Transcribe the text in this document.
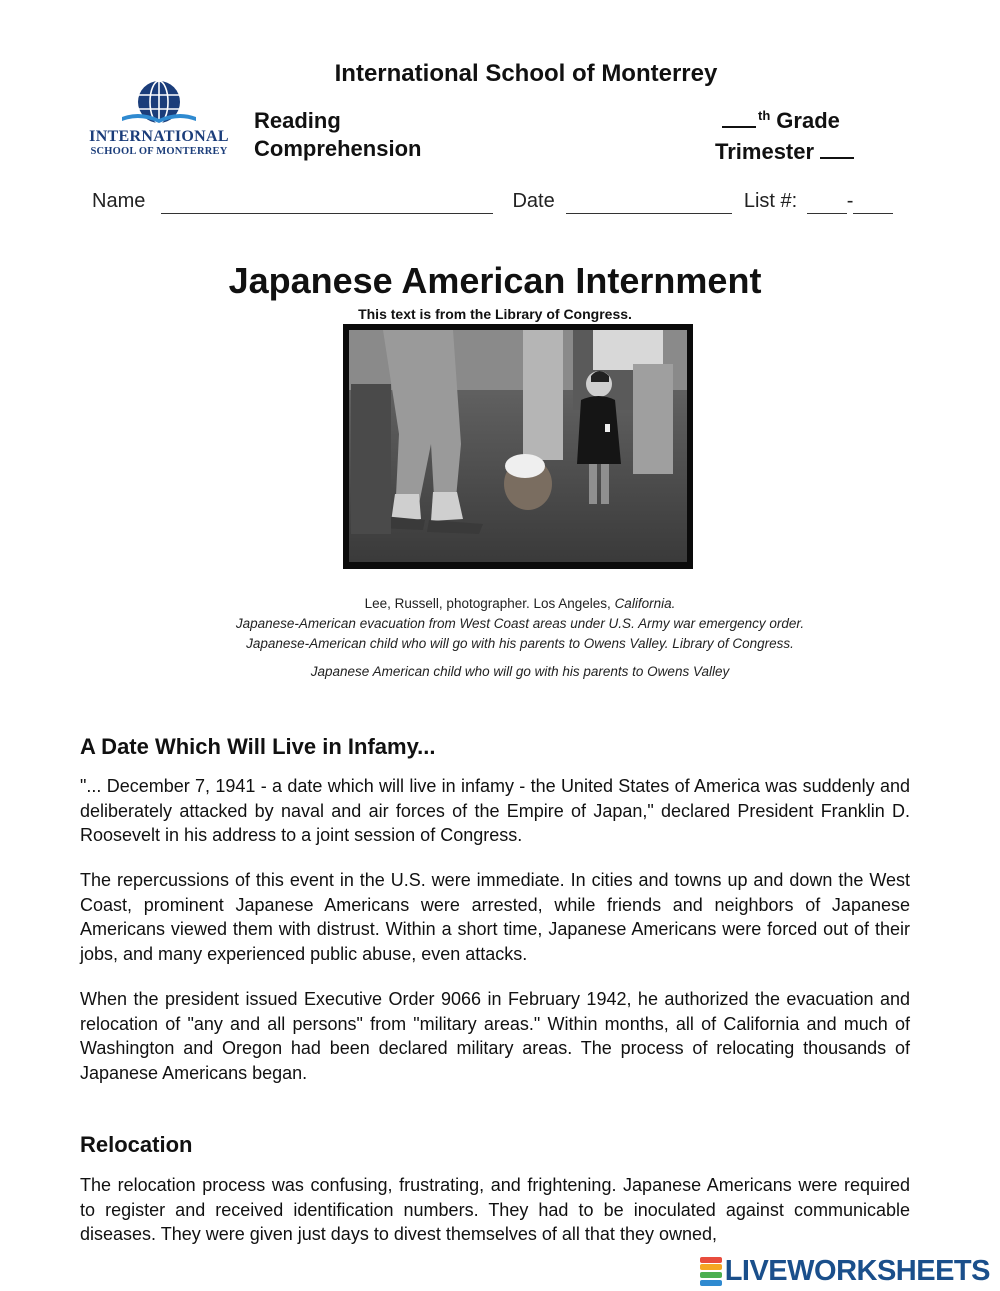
International School of Monterrey
INTERNATIONAL
SCHOOL OF MONTERREY
Reading
Comprehension
th Grade
Trimester
Name	Date	List #: -
Japanese American Internment
This text is from the Library of Congress.
Lee, Russell, photographer. Los Angeles, California.
Japanese-American evacuation from West Coast areas under U.S. Army war emergency order.
Japanese-American child who will go with his parents to Owens Valley. Library of Congress.
Japanese American child who will go with his parents to Owens Valley
A Date Which Will Live in Infamy...
"... December 7, 1941 - a date which will live in infamy - the United States of America was suddenly and deliberately attacked by naval and air forces of the Empire of Japan," declared President Franklin D. Roosevelt in his address to a joint session of Congress.
The repercussions of this event in the U.S. were immediate. In cities and towns up and down the West Coast, prominent Japanese Americans were arrested, while friends and neighbors of Japanese Americans viewed them with distrust. Within a short time, Japanese Americans were forced out of their jobs, and many experienced public abuse, even attacks.
When the president issued Executive Order 9066 in February 1942, he authorized the evacuation and relocation of "any and all persons" from "military areas." Within months, all of California and much of Washington and Oregon had been declared military areas. The process of relocating thousands of Japanese Americans began.
Relocation
The relocation process was confusing, frustrating, and frightening. Japanese Americans were required to register and received identification numbers. They had to be inoculated against communicable diseases. They were given just days to divest themselves of all that they owned,
LIVEWORKSHEETS
